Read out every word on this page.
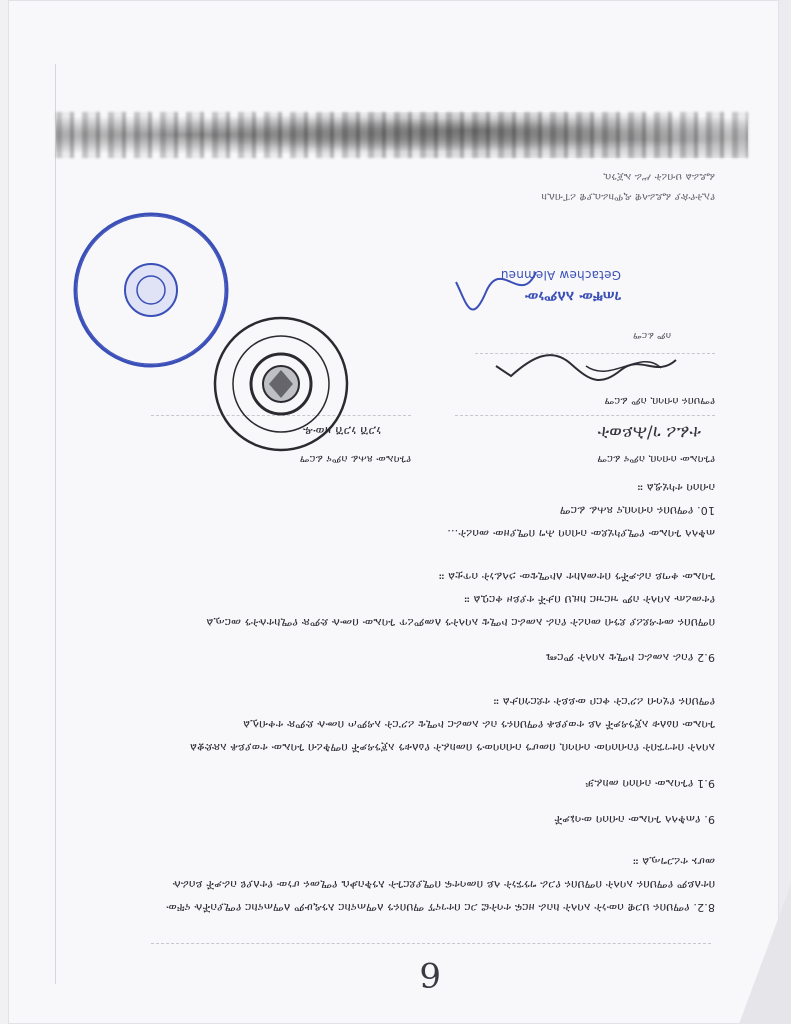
6
8.2. የማህበሩ ህጋዊ ሰውነት አባላት ከስራ ዘርፍ ተሳትፎ ጋር በተገናኘ ማህበሩን ለማጠናከር እንዲሁም ለማጠናከር የሚያስችሉ ናቸው
በተለይም የማህበሩ አባላት በማህበሩ የጋራ ግንኙነት ላይ በመሳተፍ በሚያደርጉት እንቅስቃሴ የሚመሩ ሆነው የተለያዩ ስራዎች ይሰራሉ
መሆኑ ተረጋግጧል ።
9. የጠቅላላ ጉባኤው ስብሰባ ውሳኔዎች
9.1 የጉባኤው ስብሰባ መክፈቻ
አባላት በተገኙበት የስብሰባው ሰብሳቢ በመሆን ስብሰባውን በመክፈት የዕለቱን አጀንዳዎች በማቅረብ ጉባኤው ተወያይቶ አጽድቋል
ጉባኤው በዕለቱ አጀንዳዎች ላይ ተወያይቶ የማህበሩን ስራ አመራር ኮሚቴ ሪፖርት አዳምጦ በሙሉ ድምጽ ተቀብሏል
የማህበሩ የሂሳብ ሪፖርት ቀርቦ ውይይት ተደርጎበታል ።
9.2 የስራ አመራር ኮሚቴ አባላት ምርጫ
በማህበሩ መተዳደሪያ ደንብ መሰረት የስራ አመራር ኮሚቴ አባላትን ለመምረጥ ጉባኤው በሙሉ ድምጽ የሚከተሉትን መርጧል
የተመረጡ አባላት ስም ዝርዝር ከዚህ በታች ተያይዞ ቀርቧል ።
ጉባኤው ቀጣይ ስራዎችን በተመለከተ ለኮሚቴው ኃላፊነት ሰጥቷል ።
ጠቅላላ ጉባኤው የሚያካሂደው ስብሰባ ሕግ በሚያዘው መሰረት…
10. የማህበሩ ሰብሳቢና ጸሐፊ ፊርማ
ስብሰባ ተካሂዷል ።
የጉባኤው ሰብሳቢ ስምና ፊርማ
የጉባኤው ጸሐፊ ስምና ፊርማ
ተፈሪ ገ/ሕይወት
ነጋሽ ነጋሽ ዘውዱ
የማህበሩ ሰብሳቢ ስም ፊርማ
ስም ፊርማ
ገጠቸው አለምነው
Getachew Alemneu
የኢትዮጵያ ፌዴራላዊ ዲሞክራሲያዊ ሪፐብሊክ
ፌዴራል ህብረት ሥራ ኤጀንሲ
